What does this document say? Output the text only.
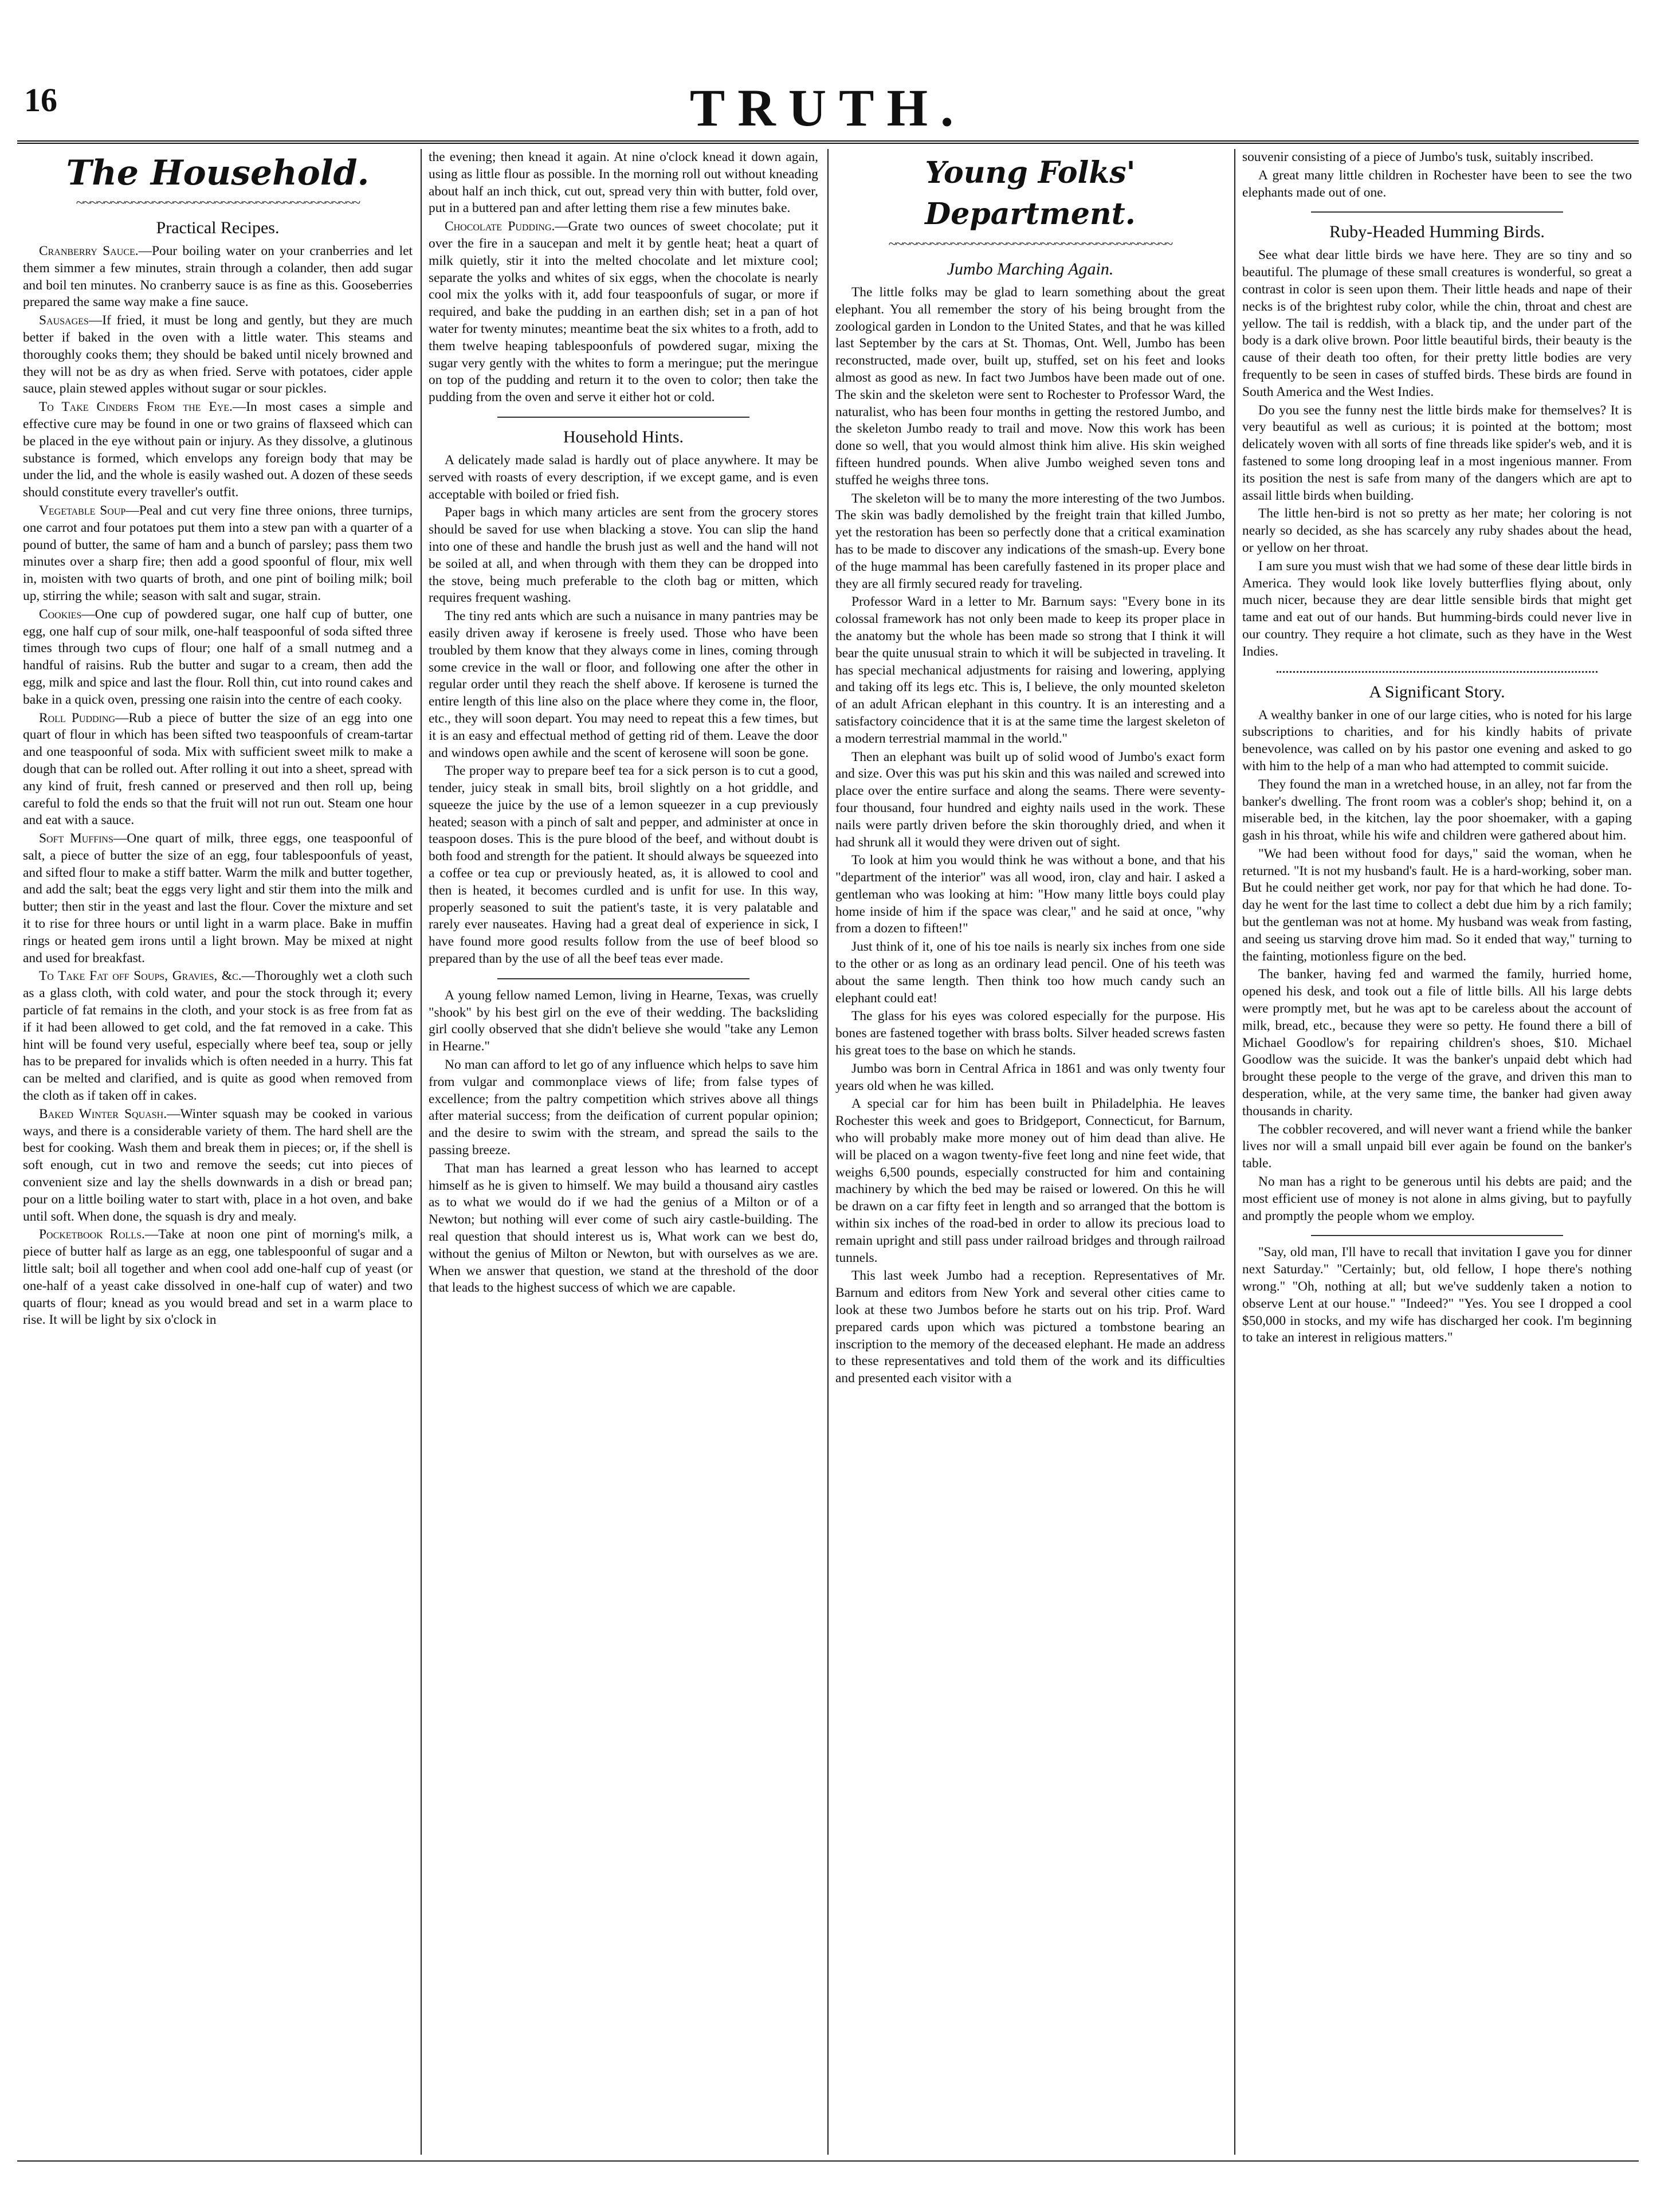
16	TRUTH.
The Household.
~~~~~~~~~~~~~~~~~~~~~~~~~~~~~~~~~~~~~~~~~
Practical Recipes.

Cranberry Sauce.—Pour boiling water on your cranberries and let them simmer a few minutes, strain through a colander, then add sugar and boil ten minutes. No cranberry sauce is as fine as this. Gooseberries prepared the same way make a fine sauce.

Sausages—If fried, it must be long and gently, but they are much better if baked in the oven with a little water. This steams and thoroughly cooks them; they should be baked until nicely browned and they will not be as dry as when fried. Serve with potatoes, cider apple sauce, plain stewed apples without sugar or sour pickles.

To Take Cinders From the Eye.—In most cases a simple and effective cure may be found in one or two grains of flaxseed which can be placed in the eye without pain or injury. As they dissolve, a glutinous substance is formed, which envelops any foreign body that may be under the lid, and the whole is easily washed out. A dozen of these seeds should constitute every traveller's outfit.

Vegetable Soup—Peal and cut very fine three onions, three turnips, one carrot and four potatoes put them into a stew pan with a quarter of a pound of butter, the same of ham and a bunch of parsley; pass them two minutes over a sharp fire; then add a good spoonful of flour, mix well in, moisten with two quarts of broth, and one pint of boiling milk; boil up, stirring the while; season with salt and sugar, strain.

Cookies—One cup of powdered sugar, one half cup of butter, one egg, one half cup of sour milk, one-half teaspoonful of soda sifted three times through two cups of flour; one half of a small nutmeg and a handful of raisins. Rub the butter and sugar to a cream, then add the egg, milk and spice and last the flour. Roll thin, cut into round cakes and bake in a quick oven, pressing one raisin into the centre of each cooky.

Roll Pudding—Rub a piece of butter the size of an egg into one quart of flour in which has been sifted two teaspoonfuls of cream-tartar and one teaspoonful of soda. Mix with sufficient sweet milk to make a dough that can be rolled out. After rolling it out into a sheet, spread with any kind of fruit, fresh canned or preserved and then roll up, being careful to fold the ends so that the fruit will not run out. Steam one hour and eat with a sauce.

Soft Muffins—One quart of milk, three eggs, one teaspoonful of salt, a piece of butter the size of an egg, four tablespoonfuls of yeast, and sifted flour to make a stiff batter. Warm the milk and butter together, and add the salt; beat the eggs very light and stir them into the milk and butter; then stir in the yeast and last the flour. Cover the mixture and set it to rise for three hours or until light in a warm place. Bake in muffin rings or heated gem irons until a light brown. May be mixed at night and used for breakfast.

To Take Fat off Soups, Gravies, &c.—Thoroughly wet a cloth such as a glass cloth, with cold water, and pour the stock through it; every particle of fat remains in the cloth, and your stock is as free from fat as if it had been allowed to get cold, and the fat removed in a cake. This hint will be found very useful, especially where beef tea, soup or jelly has to be prepared for invalids which is often needed in a hurry. This fat can be melted and clarified, and is quite as good when removed from the cloth as if taken off in cakes.

Baked Winter Squash.—Winter squash may be cooked in various ways, and there is a considerable variety of them. The hard shell are the best for cooking. Wash them and break them in pieces; or, if the shell is soft enough, cut in two and remove the seeds; cut into pieces of convenient size and lay the shells downwards in a dish or bread pan; pour on a little boiling water to start with, place in a hot oven, and bake until soft. When done, the squash is dry and mealy.

Pocketbook Rolls.—Take at noon one pint of morning's milk, a piece of butter half as large as an egg, one tablespoonful of sugar and a little salt; boil all together and when cool add one-half cup of yeast (or one-half of a yeast cake dissolved in one-half cup of water) and two quarts of flour; knead as you would bread and set in a warm place to rise. It will be light by six o'clock in

the evening; then knead it again. At nine o'clock knead it down again, using as little flour as possible. In the morning roll out without kneading about half an inch thick, cut out, spread very thin with butter, fold over, put in a buttered pan and after letting them rise a few minutes bake.

Chocolate Pudding.—Grate two ounces of sweet chocolate; put it over the fire in a saucepan and melt it by gentle heat; heat a quart of milk quietly, stir it into the melted chocolate and let mixture cool; separate the yolks and whites of six eggs, when the chocolate is nearly cool mix the yolks with it, add four teaspoonfuls of sugar, or more if required, and bake the pudding in an earthen dish; set in a pan of hot water for twenty minutes; meantime beat the six whites to a froth, add to them twelve heaping tablespoonfuls of powdered sugar, mixing the sugar very gently with the whites to form a meringue; put the meringue on top of the pudding and return it to the oven to color; then take the pudding from the oven and serve it either hot or cold.

Household Hints.

A delicately made salad is hardly out of place anywhere. It may be served with roasts of every description, if we except game, and is even acceptable with boiled or fried fish.

Paper bags in which many articles are sent from the grocery stores should be saved for use when blacking a stove. You can slip the hand into one of these and handle the brush just as well and the hand will not be soiled at all, and when through with them they can be dropped into the stove, being much preferable to the cloth bag or mitten, which requires frequent washing.

The tiny red ants which are such a nuisance in many pantries may be easily driven away if kerosene is freely used. Those who have been troubled by them know that they always come in lines, coming through some crevice in the wall or floor, and following one after the other in regular order until they reach the shelf above. If kerosene is turned the entire length of this line also on the place where they come in, the floor, etc., they will soon depart. You may need to repeat this a few times, but it is an easy and effectual method of getting rid of them. Leave the door and windows open awhile and the scent of kerosene will soon be gone.

The proper way to prepare beef tea for a sick person is to cut a good, tender, juicy steak in small bits, broil slightly on a hot griddle, and squeeze the juice by the use of a lemon squeezer in a cup previously heated; season with a pinch of salt and pepper, and administer at once in teaspoon doses. This is the pure blood of the beef, and without doubt is both food and strength for the patient. It should always be squeezed into a coffee or tea cup or previously heated, as, it is allowed to cool and then is heated, it becomes curdled and is unfit for use. In this way, properly seasoned to suit the patient's taste, it is very palatable and rarely ever nauseates. Having had a great deal of experience in sick, I have found more good results follow from the use of beef blood so prepared than by the use of all the beef teas ever made.

A young fellow named Lemon, living in Hearne, Texas, was cruelly "shook" by his best girl on the eve of their wedding. The backsliding girl coolly observed that she didn't believe she would "take any Lemon in Hearne."

No man can afford to let go of any influence which helps to save him from vulgar and commonplace views of life; from false types of excellence; from the paltry competition which strives above all things after material success; from the deification of current popular opinion; and the desire to swim with the stream, and spread the sails to the passing breeze.

That man has learned a great lesson who has learned to accept himself as he is given to himself. We may build a thousand airy castles as to what we would do if we had the genius of a Milton or of a Newton; but nothing will ever come of such airy castle-building. The real question that should interest us is, What work can we best do, without the genius of Milton or Newton, but with ourselves as we are. When we answer that question, we stand at the threshold of the door that leads to the highest success of which we are capable.

Young Folks' Department.
~~~~~~~~~~~~~~~~~~~~~~~~~~~~~~~~~~~~~~~~~
Jumbo Marching Again.

The little folks may be glad to learn something about the great elephant. You all remember the story of his being brought from the zoological garden in London to the United States, and that he was killed last September by the cars at St. Thomas, Ont. Well, Jumbo has been reconstructed, made over, built up, stuffed, set on his feet and looks almost as good as new. In fact two Jumbos have been made out of one. The skin and the skeleton were sent to Rochester to Professor Ward, the naturalist, who has been four months in getting the restored Jumbo, and the skeleton Jumbo ready to trail and move. Now this work has been done so well, that you would almost think him alive. His skin weighed fifteen hundred pounds. When alive Jumbo weighed seven tons and stuffed he weighs three tons.

The skeleton will be to many the more interesting of the two Jumbos. The skin was badly demolished by the freight train that killed Jumbo, yet the restoration has been so perfectly done that a critical examination has to be made to discover any indications of the smash-up. Every bone of the huge mammal has been carefully fastened in its proper place and they are all firmly secured ready for traveling.

Professor Ward in a letter to Mr. Barnum says: "Every bone in its colossal framework has not only been made to keep its proper place in the anatomy but the whole has been made so strong that I think it will bear the quite unusual strain to which it will be subjected in traveling. It has special mechanical adjustments for raising and lowering, applying and taking off its legs etc. This is, I believe, the only mounted skeleton of an adult African elephant in this country. It is an interesting and a satisfactory coincidence that it is at the same time the largest skeleton of a modern terrestrial mammal in the world."

Then an elephant was built up of solid wood of Jumbo's exact form and size. Over this was put his skin and this was nailed and screwed into place over the entire surface and along the seams. There were seventy-four thousand, four hundred and eighty nails used in the work. These nails were partly driven before the skin thoroughly dried, and when it had shrunk all it would they were driven out of sight.

To look at him you would think he was without a bone, and that his "department of the interior" was all wood, iron, clay and hair. I asked a gentleman who was looking at him: "How many little boys could play home inside of him if the space was clear," and he said at once, "why from a dozen to fifteen!"

Just think of it, one of his toe nails is nearly six inches from one side to the other or as long as an ordinary lead pencil. One of his teeth was about the same length. Then think too how much candy such an elephant could eat!

The glass for his eyes was colored especially for the purpose. His bones are fastened together with brass bolts. Silver headed screws fasten his great toes to the base on which he stands.

Jumbo was born in Central Africa in 1861 and was only twenty four years old when he was killed.

A special car for him has been built in Philadelphia. He leaves Rochester this week and goes to Bridgeport, Connecticut, for Barnum, who will probably make more money out of him dead than alive. He will be placed on a wagon twenty-five feet long and nine feet wide, that weighs 6,500 pounds, especially constructed for him and containing machinery by which the bed may be raised or lowered. On this he will be drawn on a car fifty feet in length and so arranged that the bottom is within six inches of the road-bed in order to allow its precious load to remain upright and still pass under railroad bridges and through railroad tunnels.

This last week Jumbo had a reception. Representatives of Mr. Barnum and editors from New York and several other cities came to look at these two Jumbos before he starts out on his trip. Prof. Ward prepared cards upon which was pictured a tombstone bearing an inscription to the memory of the deceased elephant. He made an address to these representatives and told them of the work and its difficulties and presented each visitor with a

souvenir consisting of a piece of Jumbo's tusk, suitably inscribed.

A great many little children in Rochester have been to see the two elephants made out of one.

Ruby-Headed Humming Birds.

See what dear little birds we have here. They are so tiny and so beautiful. The plumage of these small creatures is wonderful, so great a contrast in color is seen upon them. Their little heads and nape of their necks is of the brightest ruby color, while the chin, throat and chest are yellow. The tail is reddish, with a black tip, and the under part of the body is a dark olive brown. Poor little beautiful birds, their beauty is the cause of their death too often, for their pretty little bodies are very frequently to be seen in cases of stuffed birds. These birds are found in South America and the West Indies.

Do you see the funny nest the little birds make for themselves? It is very beautiful as well as curious; it is pointed at the bottom; most delicately woven with all sorts of fine threads like spider's web, and it is fastened to some long drooping leaf in a most ingenious manner. From its position the nest is safe from many of the dangers which are apt to assail little birds when building.

The little hen-bird is not so pretty as her mate; her coloring is not nearly so decided, as she has scarcely any ruby shades about the head, or yellow on her throat.

I am sure you must wish that we had some of these dear little birds in America. They would look like lovely butterflies flying about, only much nicer, because they are dear little sensible birds that might get tame and eat out of our hands. But humming-birds could never live in our country. They require a hot climate, such as they have in the West Indies.

A Significant Story.

A wealthy banker in one of our large cities, who is noted for his large subscriptions to charities, and for his kindly habits of private benevolence, was called on by his pastor one evening and asked to go with him to the help of a man who had attempted to commit suicide.

They found the man in a wretched house, in an alley, not far from the banker's dwelling. The front room was a cobler's shop; behind it, on a miserable bed, in the kitchen, lay the poor shoemaker, with a gaping gash in his throat, while his wife and children were gathered about him.

"We had been without food for days," said the woman, when he returned. "It is not my husband's fault. He is a hard-working, sober man. But he could neither get work, nor pay for that which he had done. To-day he went for the last time to collect a debt due him by a rich family; but the gentleman was not at home. My husband was weak from fasting, and seeing us starving drove him mad. So it ended that way," turning to the fainting, motionless figure on the bed.

The banker, having fed and warmed the family, hurried home, opened his desk, and took out a file of little bills. All his large debts were promptly met, but he was apt to be careless about the account of milk, bread, etc., because they were so petty. He found there a bill of Michael Goodlow's for repairing children's shoes, $10. Michael Goodlow was the suicide. It was the banker's unpaid debt which had brought these people to the verge of the grave, and driven this man to desperation, while, at the very same time, the banker had given away thousands in charity.

The cobbler recovered, and will never want a friend while the banker lives nor will a small unpaid bill ever again be found on the banker's table.

No man has a right to be generous until his debts are paid; and the most efficient use of money is not alone in alms giving, but to payfully and promptly the people whom we employ.

"Say, old man, I'll have to recall that invitation I gave you for dinner next Saturday." "Certainly; but, old fellow, I hope there's nothing wrong." "Oh, nothing at all; but we've suddenly taken a notion to observe Lent at our house." "Indeed?" "Yes. You see I dropped a cool $50,000 in stocks, and my wife has discharged her cook. I'm beginning to take an interest in religious matters."
